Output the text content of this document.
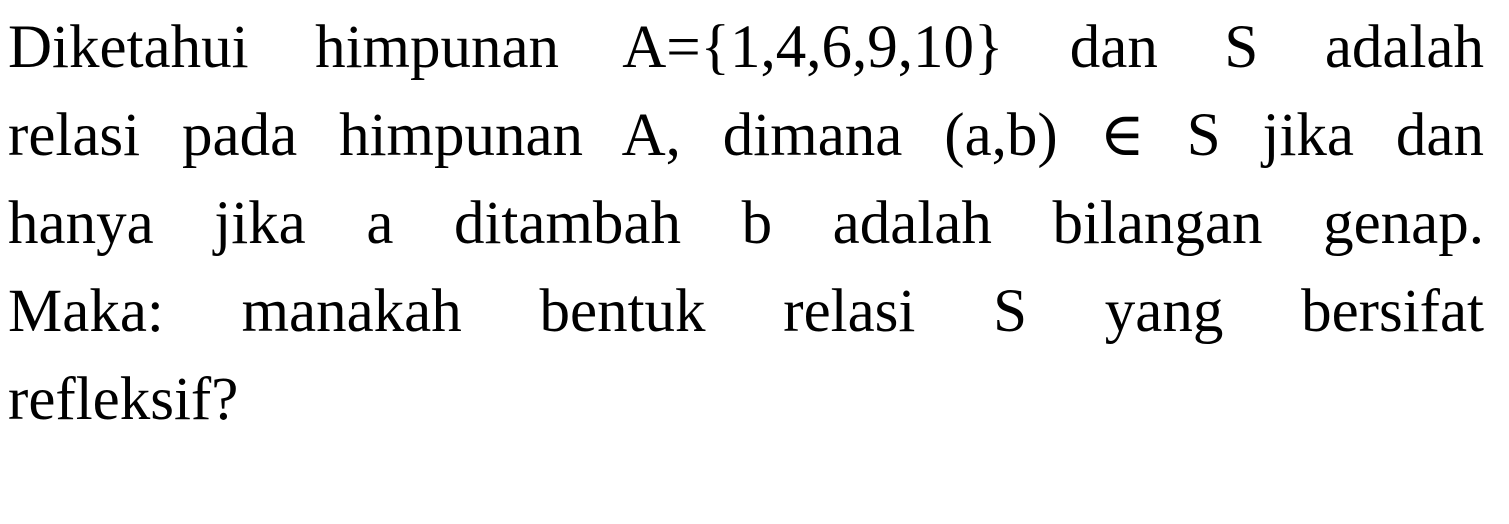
Diketahui himpunan A={1,4,6,9,10} dan S adalah
relasi pada himpunan A, dimana (a,b) ∈ S jika dan
hanya jika a ditambah b adalah bilangan genap.
Maka: manakah bentuk relasi S yang bersifat
refleksif?
